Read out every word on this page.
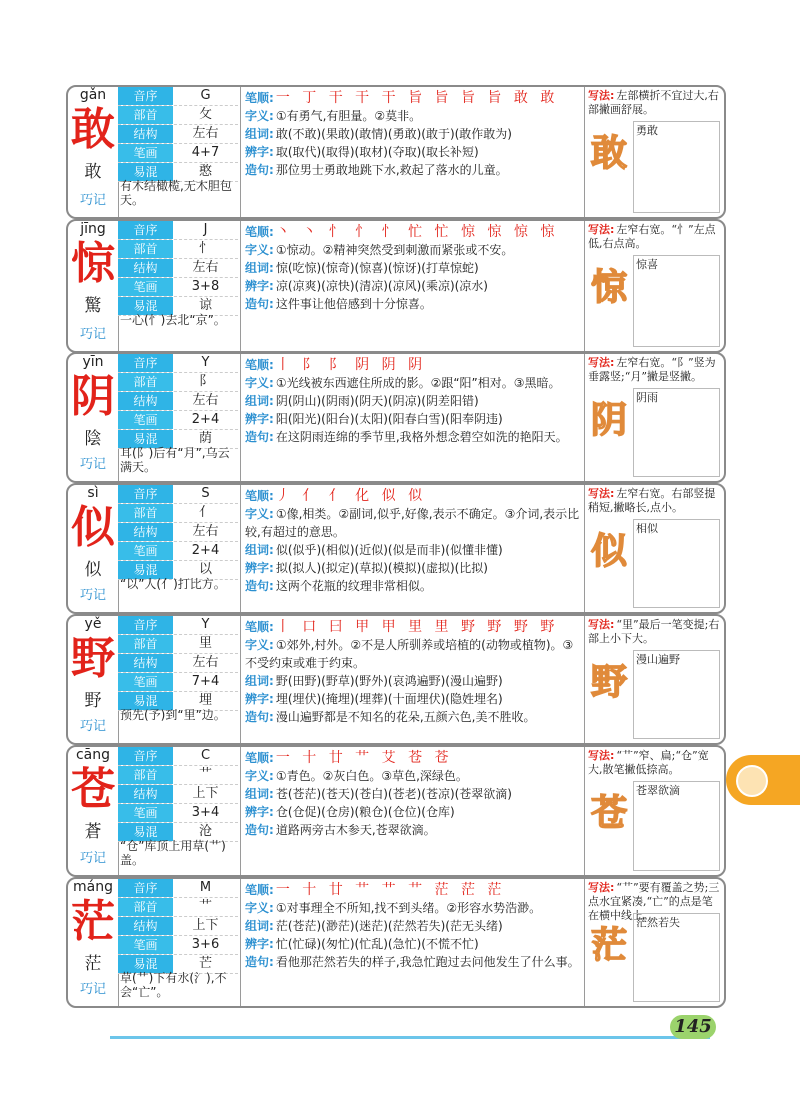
gǎn
敢
敢
巧记
音序	G
部首	攵
结构	左右
笔画	4+7
易混	憨
有木结橄榄,无木胆包天。
笔顺: 一 丁 干 干 干 旨 旨 旨 旨 敢 敢
字义: ①有勇气,有胆量。②莫非。
组词: 敢(不敢)(果敢)(敢情)(勇敢)(敢于)(敢作敢为)
辨字: 取(取代)(取得)(取材)(夺取)(取长补短)
造句: 那位男士勇敢地跳下水,救起了落水的儿童。
写法: 左部横折不宜过大,右部撇画舒展。
敢
勇敢
jīng
惊
驚
巧记
音序	J
部首	忄
结构	左右
笔画	3+8
易混	谅
一心(忄)去北“京”。
笔顺: 丶 丶 忄 忄 忄 忙 忙 惊 惊 惊 惊
字义: ①惊动。②精神突然受到刺激而紧张或不安。
组词: 惊(吃惊)(惊奇)(惊喜)(惊讶)(打草惊蛇)
辨字: 凉(凉爽)(凉快)(清凉)(凉风)(乘凉)(凉水)
造句: 这件事让他倍感到十分惊喜。
写法: 左窄右宽。“忄”左点低,右点高。
惊
惊喜
yīn
阴
陰
巧记
音序	Y
部首	阝
结构	左右
笔画	2+4
易混	荫
耳(阝)后有“月”,乌云满天。
笔顺: 丨 阝 阝 阴 阴 阴
字义: ①光线被东西遮住所成的影。②跟“阳”相对。③黑暗。
组词: 阴(阴山)(阴雨)(阴天)(阴凉)(阴差阳错)
辨字: 阳(阳光)(阳台)(太阳)(阳春白雪)(阳奉阴违)
造句: 在这阴雨连绵的季节里,我格外想念碧空如洗的艳阳天。
写法: 左窄右宽。“阝”竖为垂露竖;“月”撇是竖撇。
阴
阴雨
sì
似
似
巧记
音序	S
部首	亻
结构	左右
笔画	2+4
易混	以
“以”人(亻)打比方。
笔顺: 丿 亻 亻 化 似 似
字义: ①像,相类。②副词,似乎,好像,表示不确定。③介词,表示比较,有超过的意思。
组词: 似(似乎)(相似)(近似)(似是而非)(似懂非懂)
辨字: 拟(拟人)(拟定)(草拟)(模拟)(虚拟)(比拟)
造句: 这两个花瓶的纹理非常相似。
写法: 左窄右宽。右部竖提稍短,撇略长,点小。
似
相似
yě
野
野
巧记
音序	Y
部首	里
结构	左右
笔画	7+4
易混	埋
预先(予)到“里”边。
笔顺: 丨 口 曰 甲 甲 里 里 野 野 野 野
字义: ①郊外,村外。②不是人所驯养或培植的(动物或植物)。③不受约束或难于约束。
组词: 野(田野)(野草)(野外)(哀鸿遍野)(漫山遍野)
辨字: 埋(埋伏)(掩埋)(埋葬)(十面埋伏)(隐姓埋名)
造句: 漫山遍野都是不知名的花朵,五颜六色,美不胜收。
写法: “里”最后一笔变提;右部上小下大。
野
漫山遍野
cāng
苍
蒼
巧记
音序	C
部首	艹
结构	上下
笔画	3+4
易混	沧
“仓”库顶上用草(艹)盖。
笔顺: 一 十 廿 艹 艾 苍 苍
字义: ①青色。②灰白色。③草色,深绿色。
组词: 苍(苍茫)(苍天)(苍白)(苍老)(苍凉)(苍翠欲滴)
辨字: 仓(仓促)(仓房)(粮仓)(仓位)(仓库)
造句: 道路两旁古木参天,苍翠欲滴。
写法: “艹”窄、扁;“仓”宽大,散笔撇低捺高。
苍
苍翠欲滴
máng
茫
茫
巧记
音序	M
部首	艹
结构	上下
笔画	3+6
易混	芒
草(艹)下有水(氵),不会“亡”。
笔顺: 一 十 廿 艹 艹 艹 茫 茫 茫
字义: ①对事理全不所知,找不到头绪。②形容水势浩渺。
组词: 茫(苍茫)(渺茫)(迷茫)(茫然若失)(茫无头绪)
辨字: 忙(忙碌)(匆忙)(忙乱)(急忙)(不慌不忙)
造句: 看他那茫然若失的样子,我急忙跑过去问他发生了什么事。
写法: “艹”要有覆盖之势;三点水宜紧凑,“亡”的点是笔在横中线上。
茫
茫然若失
145
